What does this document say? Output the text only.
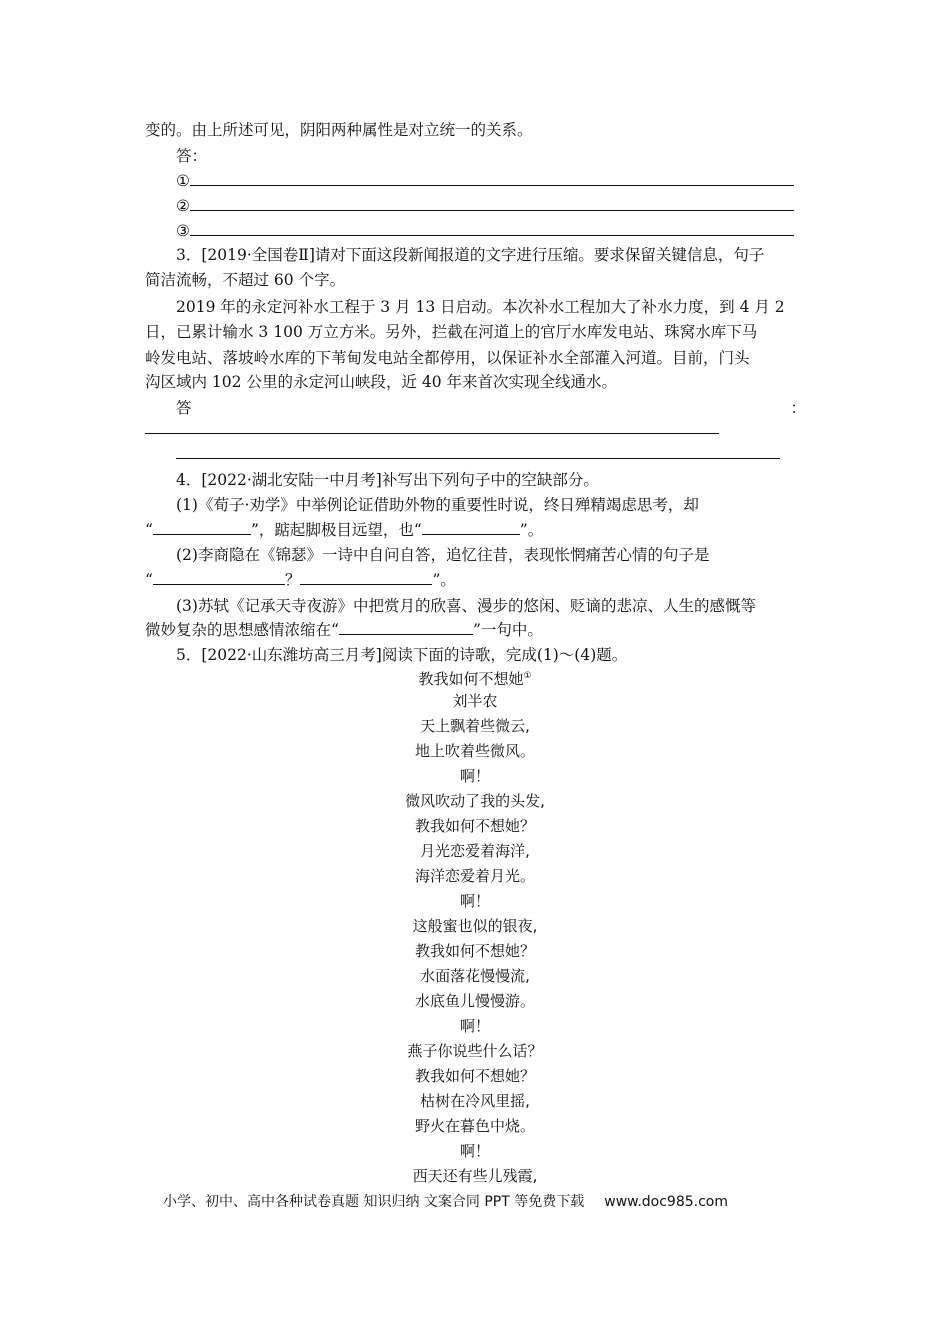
变的。由上所述可见，阴阳两种属性是对立统一的关系。
答：
①
②
③
3．[2019·全国卷Ⅱ]请对下面这段新闻报道的文字进行压缩。要求保留关键信息，句子
简洁流畅，不超过 60 个字。
2019 年的永定河补水工程于 3 月 13 日启动。本次补水工程加大了补水力度，到 4 月 2
日，已累计输水 3 100 万立方米。另外，拦截在河道上的官厅水库发电站、珠窝水库下马
岭发电站、落坡岭水库的下苇甸发电站全都停用，以保证补水全部灌入河道。目前，门头
沟区域内 102 公里的永定河山峡段，近 40 年来首次实现全线通水。
答	：
4．[2022·湖北安陆一中月考]补写出下列句子中的空缺部分。
(1)《荀子·劝学》中举例论证借助外物的重要性时说，终日殚精竭虑思考，却
“	”，踮起脚极目远望，也“	”。
(2)李商隐在《锦瑟》一诗中自问自答，追忆往昔，表现怅惘痛苦心情的句子是
“	？	”。
(3)苏轼《记承天寺夜游》中把赏月的欣喜、漫步的悠闲、贬谪的悲凉、人生的感慨等
微妙复杂的思想感情浓缩在“	”一句中。
5．[2022·山东潍坊高三月考]阅读下面的诗歌，完成(1)～(4)题。
教我如何不想她①
刘半农
天上飘着些微云,
地上吹着些微风。
啊！
微风吹动了我的头发,
教我如何不想她？
月光恋爱着海洋,
海洋恋爱着月光。
啊！
这般蜜也似的银夜,
教我如何不想她？
水面落花慢慢流,
水底鱼儿慢慢游。
啊！
燕子你说些什么话？
教我如何不想她？
枯树在冷风里摇,
野火在暮色中烧。
啊！
西天还有些儿残霞,
小学、初中、高中各种试卷真题 知识归纳 文案合同 PPT 等免费下载 www.doc985.com
